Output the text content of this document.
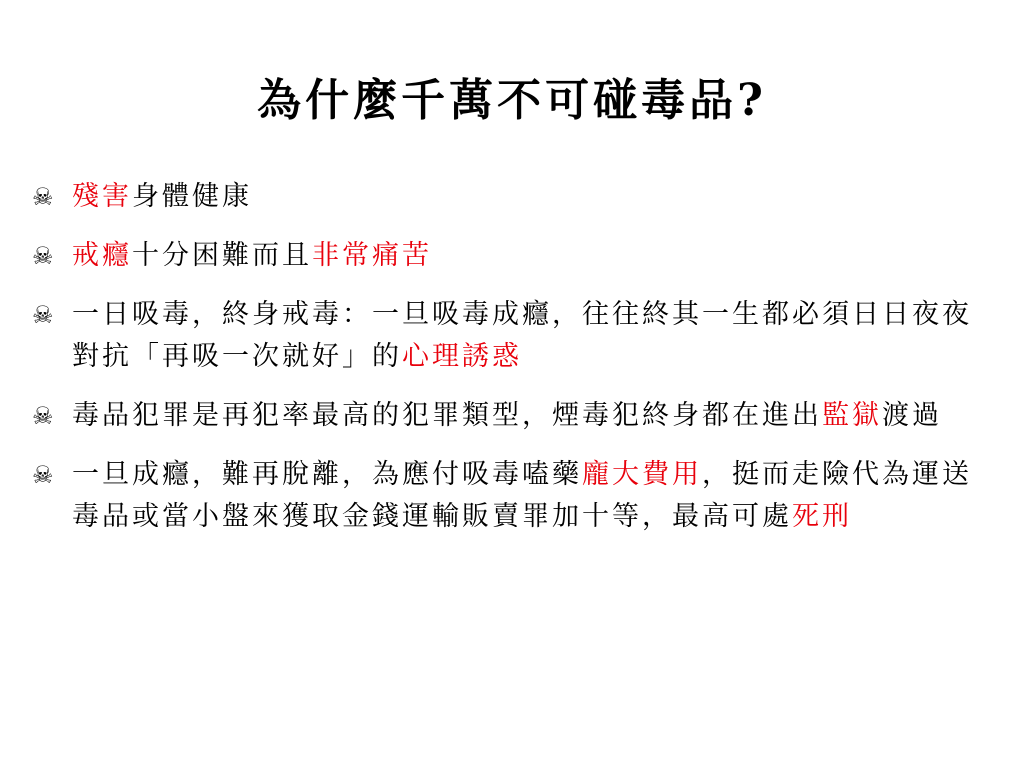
為什麼千萬不可碰毒品?
☠ 殘害身體健康
☠ 戒癮十分困難而且非常痛苦
☠ 一日吸毒，終身戒毒：一旦吸毒成癮，往往終其一生都必須日日夜夜對抗「再吸一次就好」的心理誘惑
☠ 毒品犯罪是再犯率最高的犯罪類型，煙毒犯終身都在進出監獄渡過
☠ 一旦成癮，難再脫離，為應付吸毒嗑藥龐大費用，挺而走險代為運送毒品或當小盤來獲取金錢運輸販賣罪加十等，最高可處死刑
